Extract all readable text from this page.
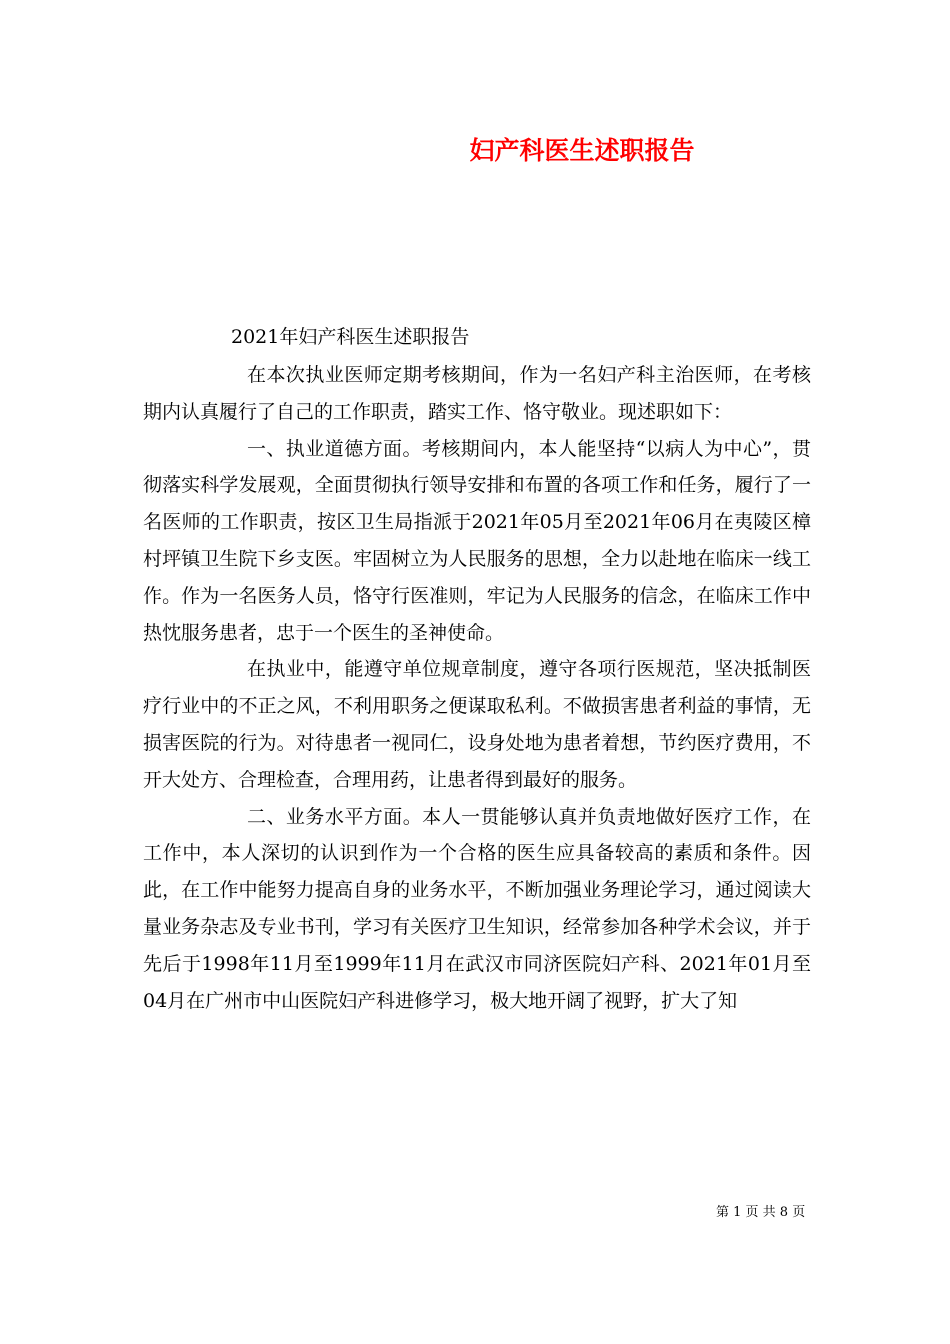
妇产科医生述职报告

2021年妇产科医生述职报告

在本次执业医师定期考核期间，作为一名妇产科主治医师，在考核期内认真履行了自己的工作职责，踏实工作、恪守敬业。现述职如下：

一、执业道德方面。考核期间内，本人能坚持“以病人为中心”，贯彻落实科学发展观，全面贯彻执行领导安排和布置的各项工作和任务，履行了一名医师的工作职责，按区卫生局指派于2021年05月至2021年06月在夷陵区樟村坪镇卫生院下乡支医。牢固树立为人民服务的思想，全力以赴地在临床一线工作。作为一名医务人员，恪守行医准则，牢记为人民服务的信念，在临床工作中热忱服务患者，忠于一个医生的圣神使命。

在执业中，能遵守单位规章制度，遵守各项行医规范，坚决抵制医疗行业中的不正之风，不利用职务之便谋取私利。不做损害患者利益的事情，无损害医院的行为。对待患者一视同仁，设身处地为患者着想，节约医疗费用，不开大处方、合理检查，合理用药，让患者得到最好的服务。

二、业务水平方面。本人一贯能够认真并负责地做好医疗工作，在工作中，本人深切的认识到作为一个合格的医生应具备较高的素质和条件。因此，在工作中能努力提高自身的业务水平，不断加强业务理论学习，通过阅读大量业务杂志及专业书刊，学习有关医疗卫生知识，经常参加各种学术会议，并于先后于1998年11月至1999年11月在武汉市同济医院妇产科、2021年01月至04月在广州市中山医院妇产科进修学习，极大地开阔了视野，扩大了知

第 1 页 共 8 页
